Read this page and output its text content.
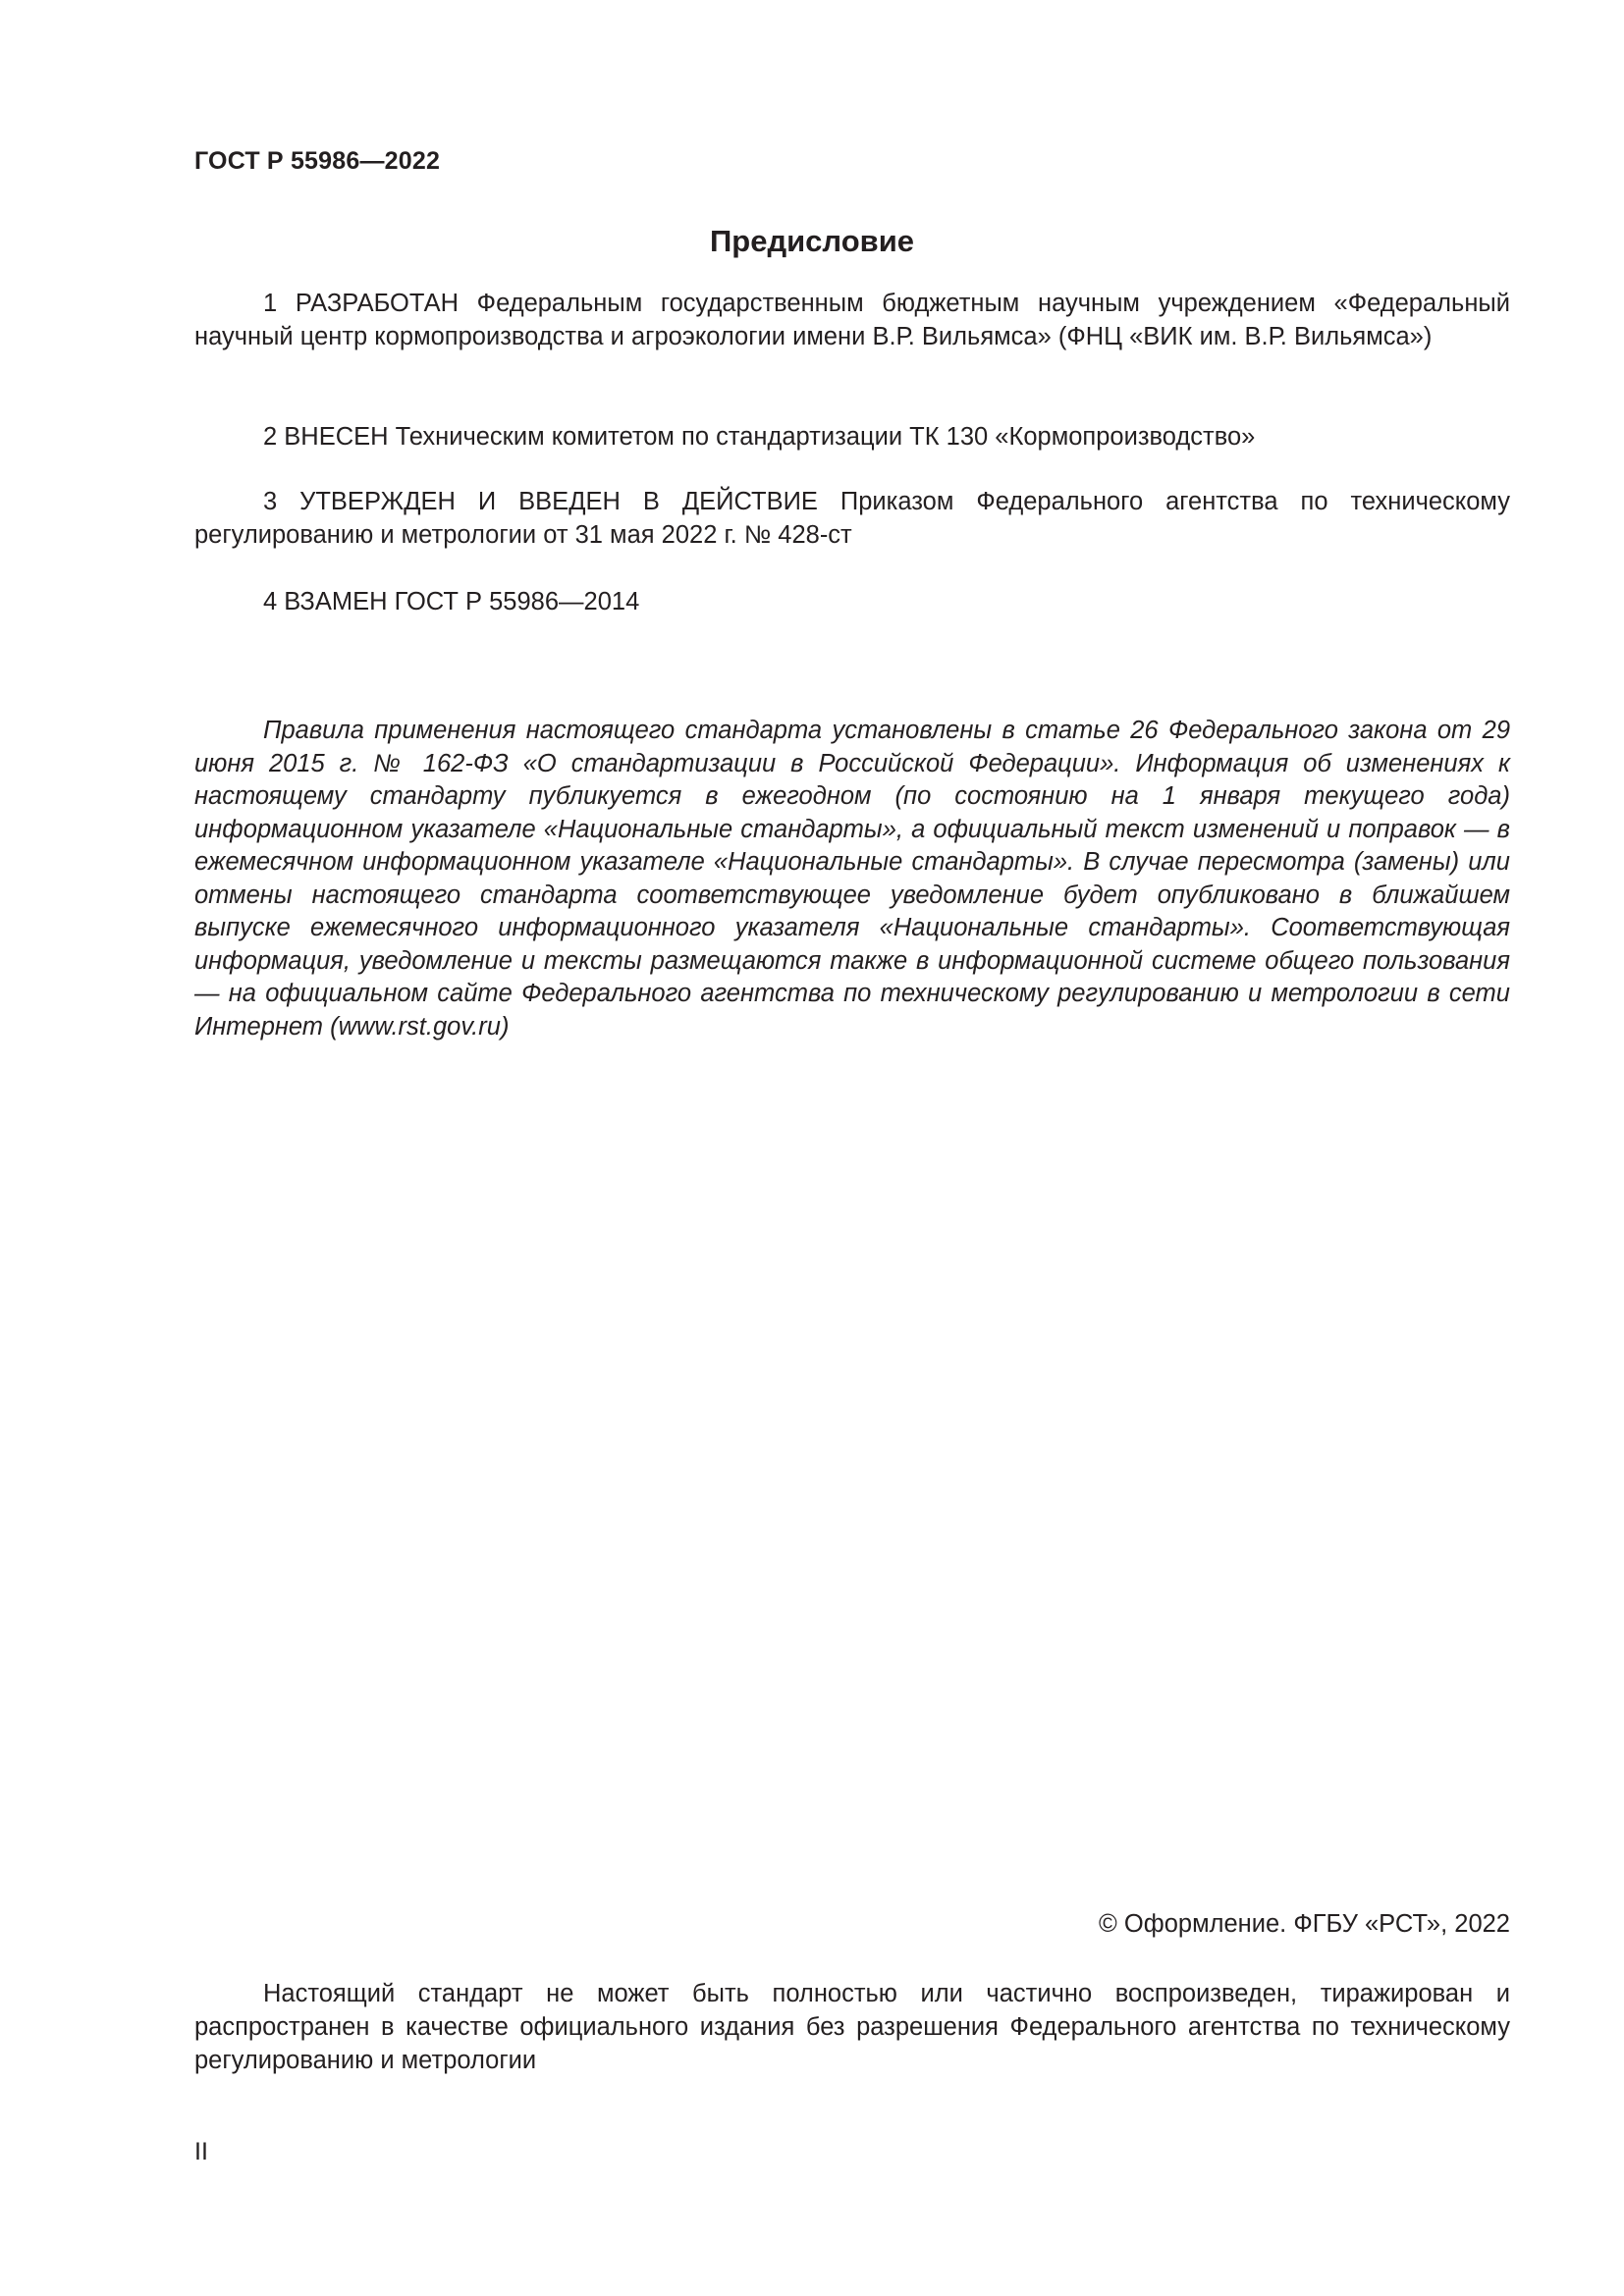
ГОСТ Р 55986—2022
Предисловие

1 РАЗРАБОТАН Федеральным государственным бюджетным научным учреждением «Федеральный научный центр кормопроизводства и агроэкологии имени В.Р. Вильямса» (ФНЦ «ВИК им. В.Р. Вильямса»)

2 ВНЕСЕН Техническим комитетом по стандартизации ТК 130 «Кормопроизводство»

3 УТВЕРЖДЕН И ВВЕДЕН В ДЕЙСТВИЕ Приказом Федерального агентства по техническому регулированию и метрологии от 31 мая 2022 г. № 428-ст

4 ВЗАМЕН ГОСТ Р 55986—2014

Правила применения настоящего стандарта установлены в статье 26 Федерального закона от 29 июня 2015 г. № 162-ФЗ «О стандартизации в Российской Федерации». Информация об изменениях к настоящему стандарту публикуется в ежегодном (по состоянию на 1 января текущего года) информационном указателе «Национальные стандарты», а официальный текст изменений и поправок — в ежемесячном информационном указателе «Национальные стандарты». В случае пересмотра (замены) или отмены настоящего стандарта соответствующее уведомление будет опубликовано в ближайшем выпуске ежемесячного информационного указателя «Национальные стандарты». Соответствующая информация, уведомление и тексты размещаются также в информационной системе общего пользования — на официальном сайте Федерального агентства по техническому регулированию и метрологии в сети Интернет (www.rst.gov.ru)

© Оформление. ФГБУ «РСТ», 2022

Настоящий стандарт не может быть полностью или частично воспроизведен, тиражирован и распространен в качестве официального издания без разрешения Федерального агентства по техническому регулированию и метрологии

II
